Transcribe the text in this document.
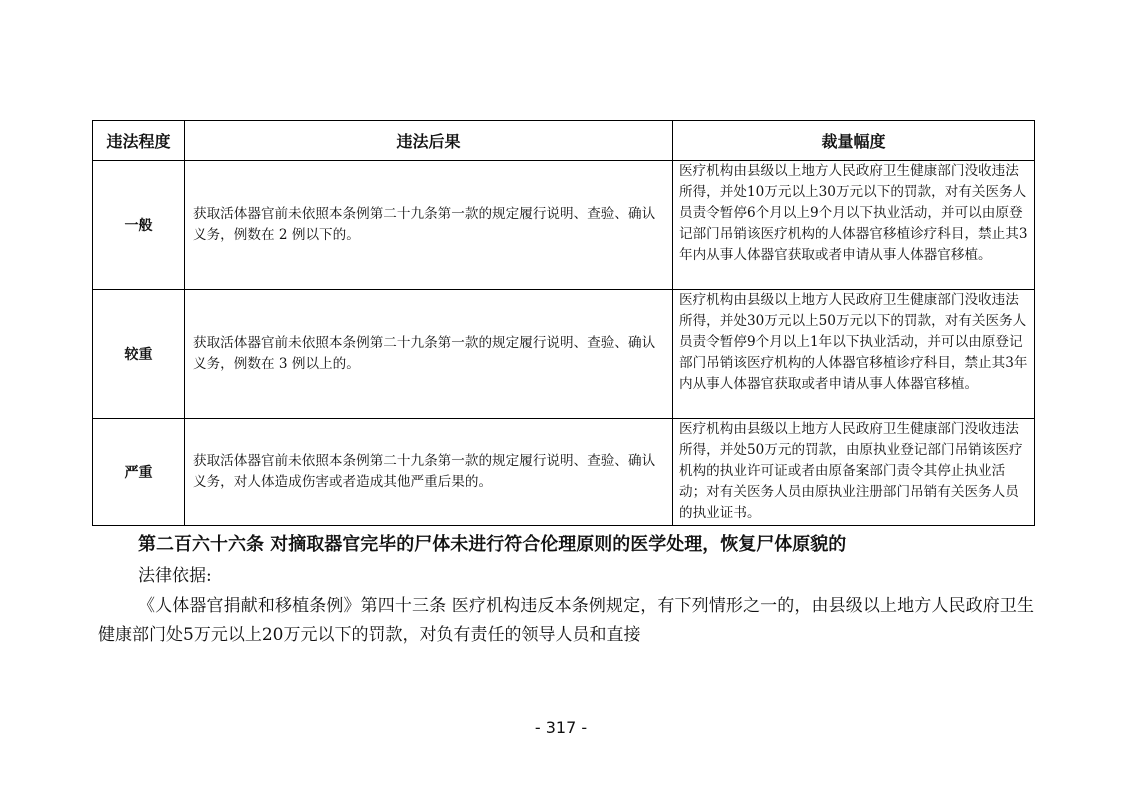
违法程度	违法后果	裁量幅度
一般	获取活体器官前未依照本条例第二十九条第一款的规定履行说明、查验、确认义务，例数在 2 例以下的。	医疗机构由县级以上地方人民政府卫生健康部门没收违法所得，并处10万元以上30万元以下的罚款，对有关医务人员责令暂停6个月以上9个月以下执业活动，并可以由原登记部门吊销该医疗机构的人体器官移植诊疗科目，禁止其3年内从事人体器官获取或者申请从事人体器官移植。
较重	获取活体器官前未依照本条例第二十九条第一款的规定履行说明、查验、确认义务，例数在 3 例以上的。	医疗机构由县级以上地方人民政府卫生健康部门没收违法所得，并处30万元以上50万元以下的罚款，对有关医务人员责令暂停9个月以上1年以下执业活动，并可以由原登记部门吊销该医疗机构的人体器官移植诊疗科目，禁止其3年内从事人体器官获取或者申请从事人体器官移植。
严重	获取活体器官前未依照本条例第二十九条第一款的规定履行说明、查验、确认义务，对人体造成伤害或者造成其他严重后果的。	医疗机构由县级以上地方人民政府卫生健康部门没收违法所得，并处50万元的罚款，由原执业登记部门吊销该医疗机构的执业许可证或者由原备案部门责令其停止执业活动；对有关医务人员由原执业注册部门吊销有关医务人员的执业证书。
第二百六十六条 对摘取器官完毕的尸体未进行符合伦理原则的医学处理，恢复尸体原貌的
法律依据:
《人体器官捐献和移植条例》第四十三条 医疗机构违反本条例规定，有下列情形之一的，由县级以上地方人民政府卫生健康部门处5万元以上20万元以下的罚款，对负有责任的领导人员和直接
- 317 -
